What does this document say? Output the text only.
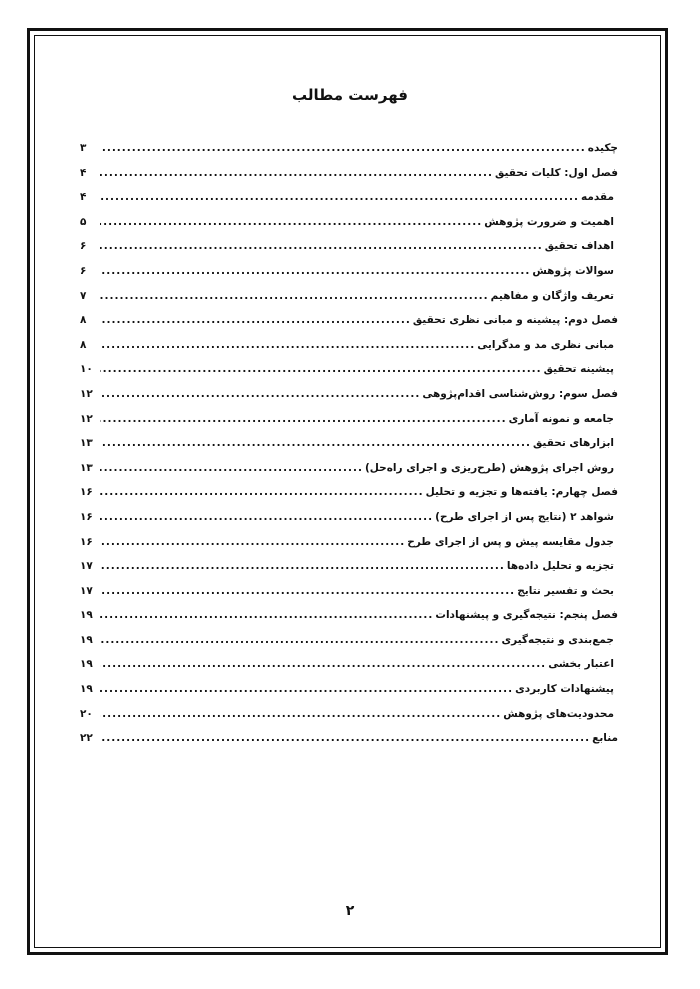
فهرست مطالب
چکیده
.....
۳
فصل اول: کلیات تحقیق
.....
۴
مقدمه
.....
۴
اهمیت و ضرورت پژوهش
.....
۵
اهداف تحقیق
.....
۶
سوالات پژوهش
.....
۶
تعریف واژگان و مفاهیم
.....
۷
فصل دوم: پیشینه و مبانی نظری تحقیق
.....
۸
مبانی نظری مد و مدگرایی
.....
۸
پیشینه تحقیق
.....
۱۰
فصل سوم: روش‌شناسی اقدام‌پژوهی
.....
۱۲
جامعه و نمونه آماری
.....
۱۲
ابزارهای تحقیق
.....
۱۳
روش اجرای پژوهش (طرح‌ریزی و اجرای راه‌حل)
.....
۱۳
فصل چهارم: یافته‌ها و تجزیه و تحلیل
.....
۱۶
شواهد ۲ (نتایج پس از اجرای طرح)
.....
۱۶
جدول مقایسه پیش و پس از اجرای طرح
.....
۱۶
تجزیه و تحلیل داده‌ها
.....
۱۷
بحث و تفسیر نتایج
.....
۱۷
فصل پنجم: نتیجه‌گیری و پیشنهادات
.....
۱۹
جمع‌بندی و نتیجه‌گیری
.....
۱۹
اعتبار بخشی
.....
۱۹
پیشنهادات کاربردی
.....
۱۹
محدودیت‌های پژوهش
.....
۲۰
منابع
.....
۲۲
۲
